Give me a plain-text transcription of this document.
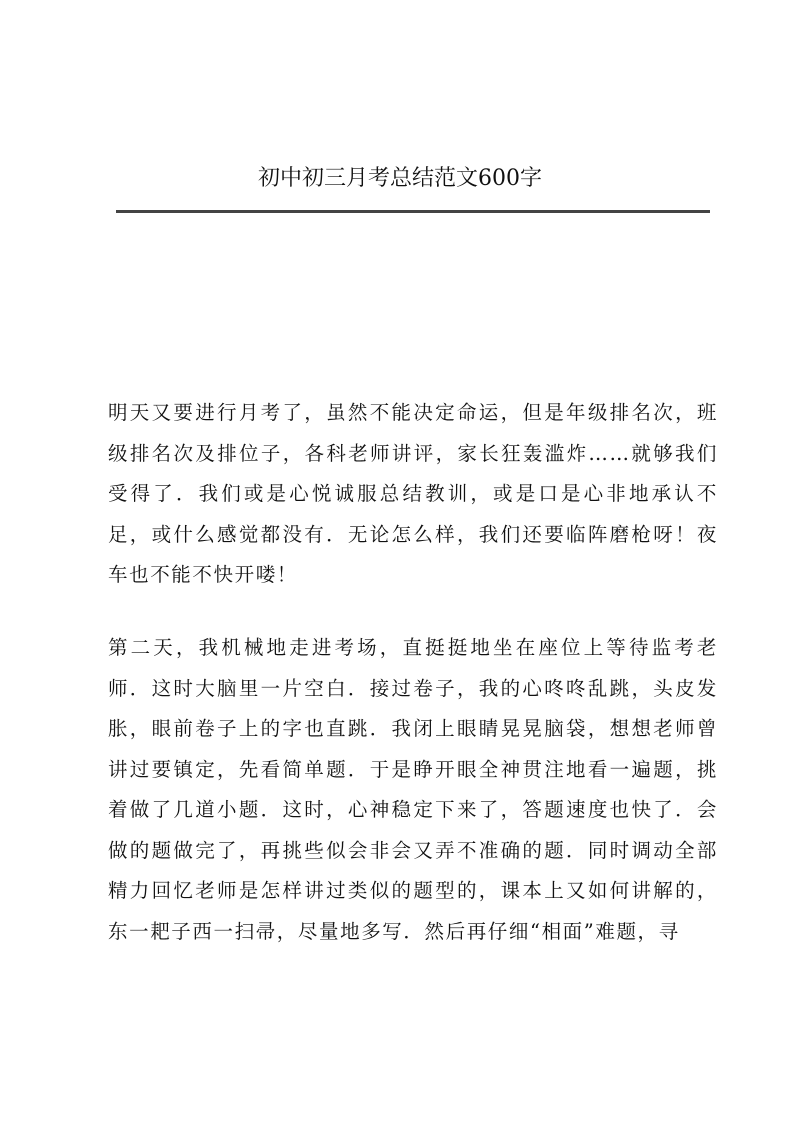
初中初三月考总结范文600字

明天又要进行月考了，虽然不能决定命运，但是年级排名次，班级排名次及排位子，各科老师讲评，家长狂轰滥炸……就够我们受得了．我们或是心悦诚服总结教训，或是口是心非地承认不足，或什么感觉都没有．无论怎么样，我们还要临阵磨枪呀！夜车也不能不快开喽！

第二天，我机械地走进考场，直挺挺地坐在座位上等待监考老师．这时大脑里一片空白．接过卷子，我的心咚咚乱跳，头皮发胀，眼前卷子上的字也直跳．我闭上眼睛晃晃脑袋，想想老师曾讲过要镇定，先看简单题．于是睁开眼全神贯注地看一遍题，挑着做了几道小题．这时，心神稳定下来了，答题速度也快了．会做的题做完了，再挑些似会非会又弄不准确的题．同时调动全部精力回忆老师是怎样讲过类似的题型的，课本上又如何讲解的，东一耙子西一扫帚，尽量地多写．然后再仔细“相面”难题，寻
